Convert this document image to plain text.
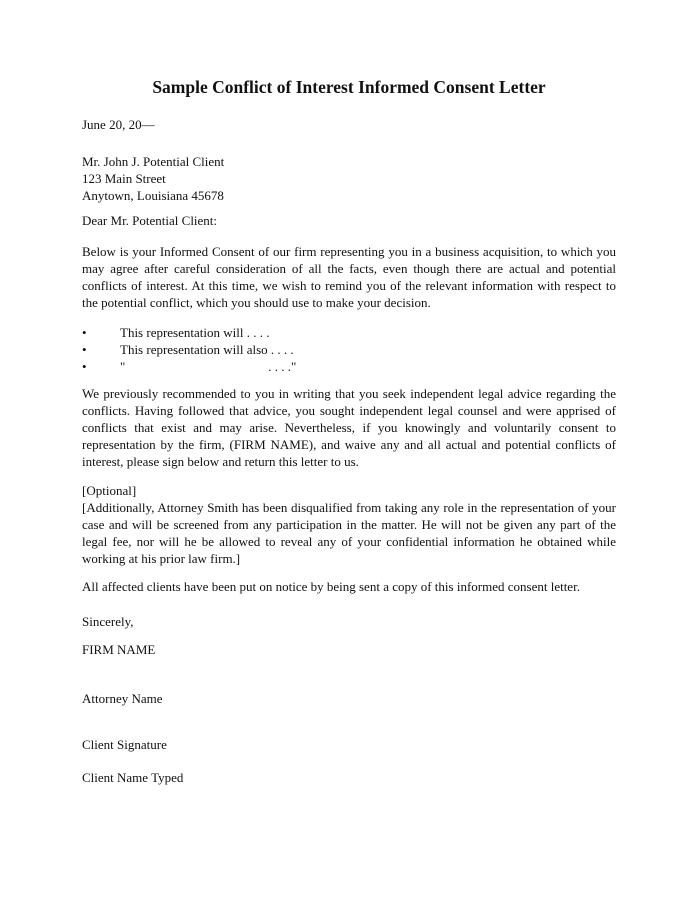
Sample Conflict of Interest Informed Consent Letter

June 20, 20—

Mr. John J. Potential Client
123 Main Street
Anytown, Louisiana 45678

Dear Mr. Potential Client:

Below is your Informed Consent of our firm representing you in a business acquisition, to which you may agree after careful consideration of all the facts, even though there are actual and potential conflicts of interest. At this time, we wish to remind you of the relevant information with respect to the potential conflict, which you should use to make your decision.

•	This representation will . . . .
•	This representation will also . . . .
•	"                                            . . . ."

We previously recommended to you in writing that you seek independent legal advice regarding the conflicts. Having followed that advice, you sought independent legal counsel and were apprised of conflicts that exist and may arise. Nevertheless, if you knowingly and voluntarily consent to representation by the firm, (FIRM NAME), and waive any and all actual and potential conflicts of interest, please sign below and return this letter to us.

[Optional]

[Additionally, Attorney Smith has been disqualified from taking any role in the representation of your case and will be screened from any participation in the matter. He will not be given any part of the legal fee, nor will he be allowed to reveal any of your confidential information he obtained while working at his prior law firm.]

All affected clients have been put on notice by being sent a copy of this informed consent letter.

Sincerely,

FIRM NAME

Attorney Name

Client Signature

Client Name Typed
